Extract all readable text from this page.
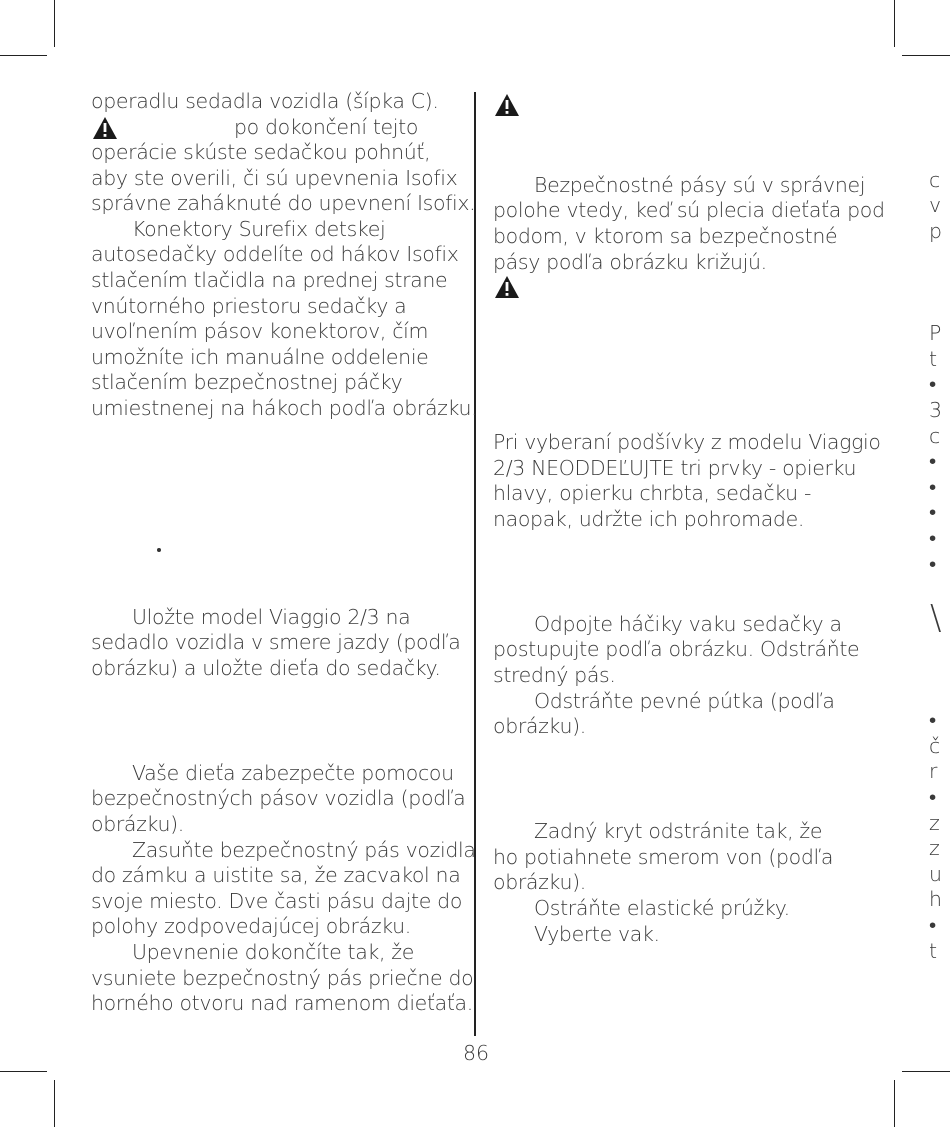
operadlu sedadla vozidla (šípka C).
po dokončení tejto
operácie skúste sedačkou pohnúť,
aby ste overili, či sú upevnenia Isofix
správne zaháknuté do upevnení Isofix.
Konektory Surefix detskej
autosedačky oddelíte od hákov Isofix
stlačením tlačidla na prednej strane
vnútorného priestoru sedačky a
uvoľnením pásov konektorov, čím
umožníte ich manuálne oddelenie
stlačením bezpečnostnej páčky
umiestnenej na hákoch podľa obrázku.
Uložte model Viaggio 2/3 na
sedadlo vozidla v smere jazdy (podľa
obrázku) a uložte dieťa do sedačky.
Vaše dieťa zabezpečte pomocou
bezpečnostných pásov vozidla (podľa
obrázku).
Zasuňte bezpečnostný pás vozidla
do zámku a uistite sa, že zacvakol na
svoje miesto. Dve časti pásu dajte do
polohy zodpovedajúcej obrázku.
Upevnenie dokončíte tak, že
vsuniete bezpečnostný pás priečne do
horného otvoru nad ramenom dieťaťa.
Bezpečnostné pásy sú v správnej
polohe vtedy, keď sú plecia dieťaťa pod
bodom, v ktorom sa bezpečnostné
pásy podľa obrázku križujú.
Pri vyberaní podšívky z modelu Viaggio
2/3 NEODDEĽUJTE tri prvky - opierku
hlavy, opierku chrbta, sedačku -
naopak, udržte ich pohromade.
Odpojte háčiky vaku sedačky a
postupujte podľa obrázku. Odstráňte
stredný pás.
Odstráňte pevné pútka (podľa
obrázku).
Zadný kryt odstránite tak, že
ho potiahnete smerom von (podľa
obrázku).
Ostráňte elastické prúžky.
Vyberte vak.
c
v
p
P
t
•
3
c
•
•
•
•
•
\
•
č
r
•
z
z
u
h
•
t
86
